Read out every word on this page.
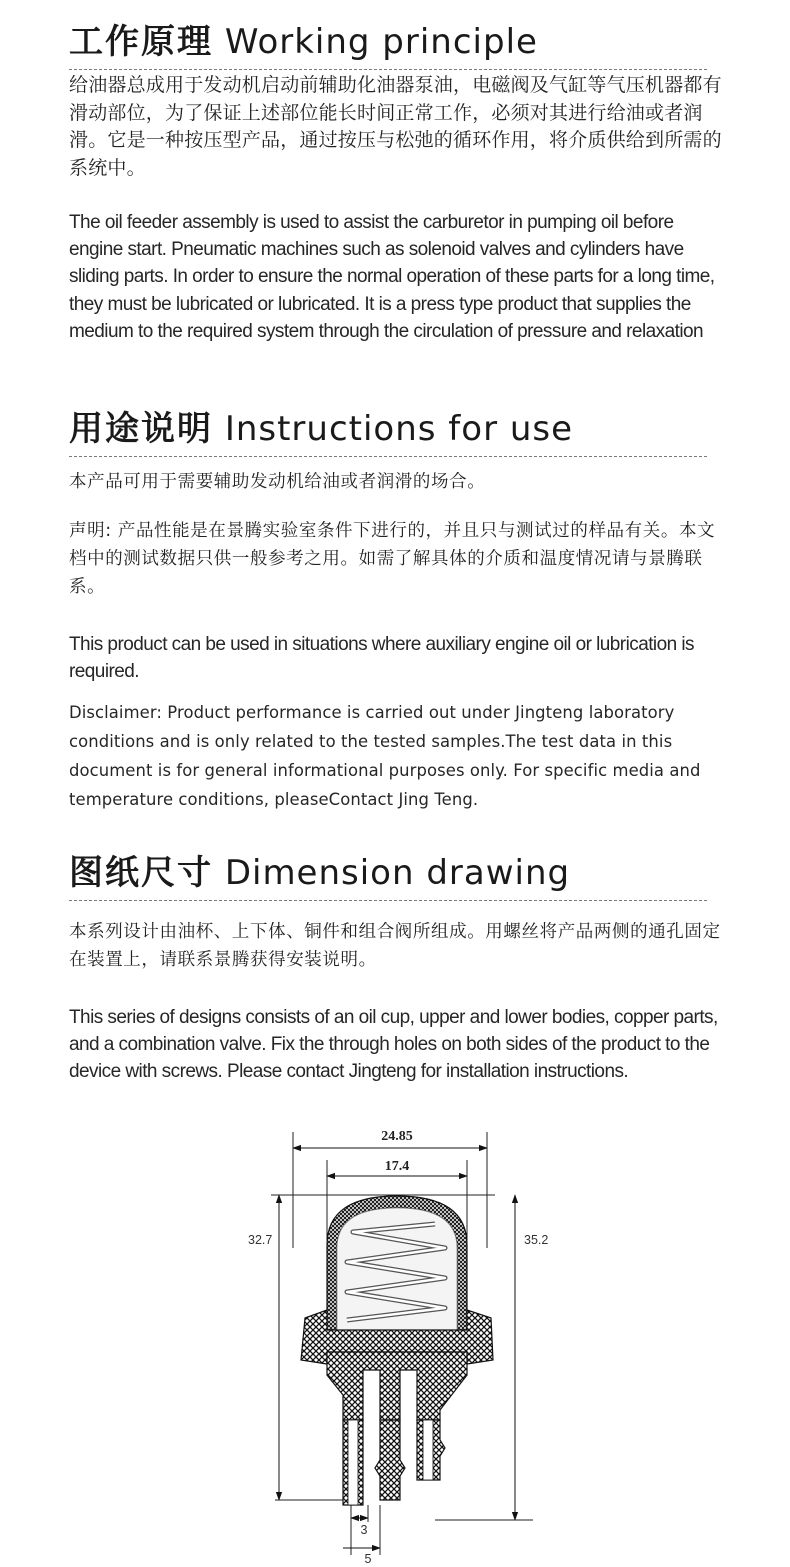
工作原理 Working principle
给油器总成用于发动机启动前辅助化油器泵油，电磁阀及气缸等气压机器都有滑动部位，为了保证上述部位能长时间正常工作，必须对其进行给油或者润滑。它是一种按压型产品，通过按压与松弛的循环作用，将介质供给到所需的系统中。
The oil feeder assembly is used to assist the carburetor in pumping oil before engine start. Pneumatic machines such as solenoid valves and cylinders have sliding parts. In order to ensure the normal operation of these parts for a long time, they must be lubricated or lubricated. It is a press type product that supplies the medium to the required system through the circulation of pressure and relaxation
用途说明 Instructions for use
本产品可用于需要辅助发动机给油或者润滑的场合。
声明: 产品性能是在景腾实验室条件下进行的，并且只与测试过的样品有关。本文档中的测试数据只供一般参考之用。如需了解具体的介质和温度情况请与景腾联系。
This product can be used in situations where auxiliary engine oil or lubrication is required.
Disclaimer: Product performance is carried out under Jingteng laboratory conditions and is only related to the tested samples.The test data in this document is for general informational purposes only. For specific media and temperature conditions, pleaseContact Jing Teng.
图纸尺寸 Dimension drawing
本系列设计由油杯、上下体、铜件和组合阀所组成。用螺丝将产品两侧的通孔固定在装置上，请联系景腾获得安装说明。
This series of designs consists of an oil cup, upper and lower bodies, copper parts, and a combination valve. Fix the through holes on both sides of the product to the device with screws. Please contact Jingteng for installation instructions.
24.85
17.4
32.7	35.2
3
5
